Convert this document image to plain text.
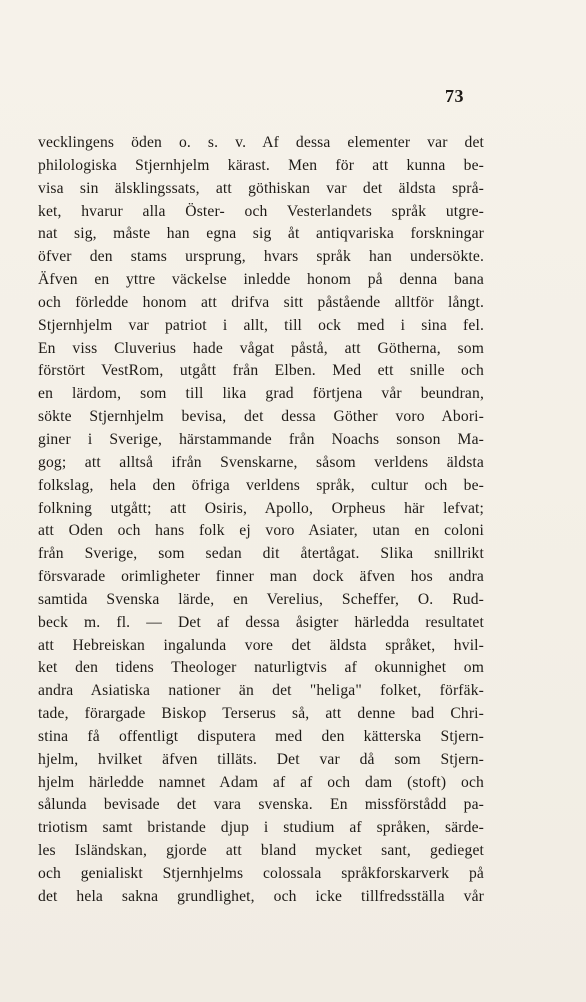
73
vecklingens öden o. s. v. Af dessa elementer var det
philologiska Stjernhjelm kärast. Men för att kunna be-
visa sin älsklingssats, att göthiskan var det äldsta språ-
ket, hvarur alla Öster- och Vesterlandets språk utgre-
nat sig, måste han egna sig åt antiqvariska forskningar
öfver den stams ursprung, hvars språk han undersökte.
Äfven en yttre väckelse inledde honom på denna bana
och förledde honom att drifva sitt påstående alltför långt.
Stjernhjelm var patriot i allt, till ock med i sina fel.
En viss Cluverius hade vågat påstå, att Götherna, som
förstört VestRom, utgått från Elben. Med ett snille och
en lärdom, som till lika grad förtjena vår beundran,
sökte Stjernhjelm bevisa, det dessa Göther voro Abori-
giner i Sverige, härstammande från Noachs sonson Ma-
gog; att alltså ifrån Svenskarne, såsom verldens äldsta
folkslag, hela den öfriga verldens språk, cultur och be-
folkning utgått; att Osiris, Apollo, Orpheus här lefvat;
att Oden och hans folk ej voro Asiater, utan en coloni
från Sverige, som sedan dit återtågat. Slika snillrikt
försvarade orimligheter finner man dock äfven hos andra
samtida Svenska lärde, en Verelius, Scheffer, O. Rud-
beck m. fl. — Det af dessa åsigter härledda resultatet
att Hebreiskan ingalunda vore det äldsta språket, hvil-
ket den tidens Theologer naturligtvis af okunnighet om
andra Asiatiska nationer än det "heliga" folket, förfäk-
tade, förargade Biskop Terserus så, att denne bad Chri-
stina få offentligt disputera med den kätterska Stjern-
hjelm, hvilket äfven tilläts. Det var då som Stjern-
hjelm härledde namnet Adam af af och dam (stoft) och
sålunda bevisade det vara svenska. En missförstådd pa-
triotism samt bristande djup i studium af språken, särde-
les Isländskan, gjorde att bland mycket sant, gedieget
och genialiskt Stjernhjelms colossala språkforskarverk på
det hela sakna grundlighet, och icke tillfredsställa vår
